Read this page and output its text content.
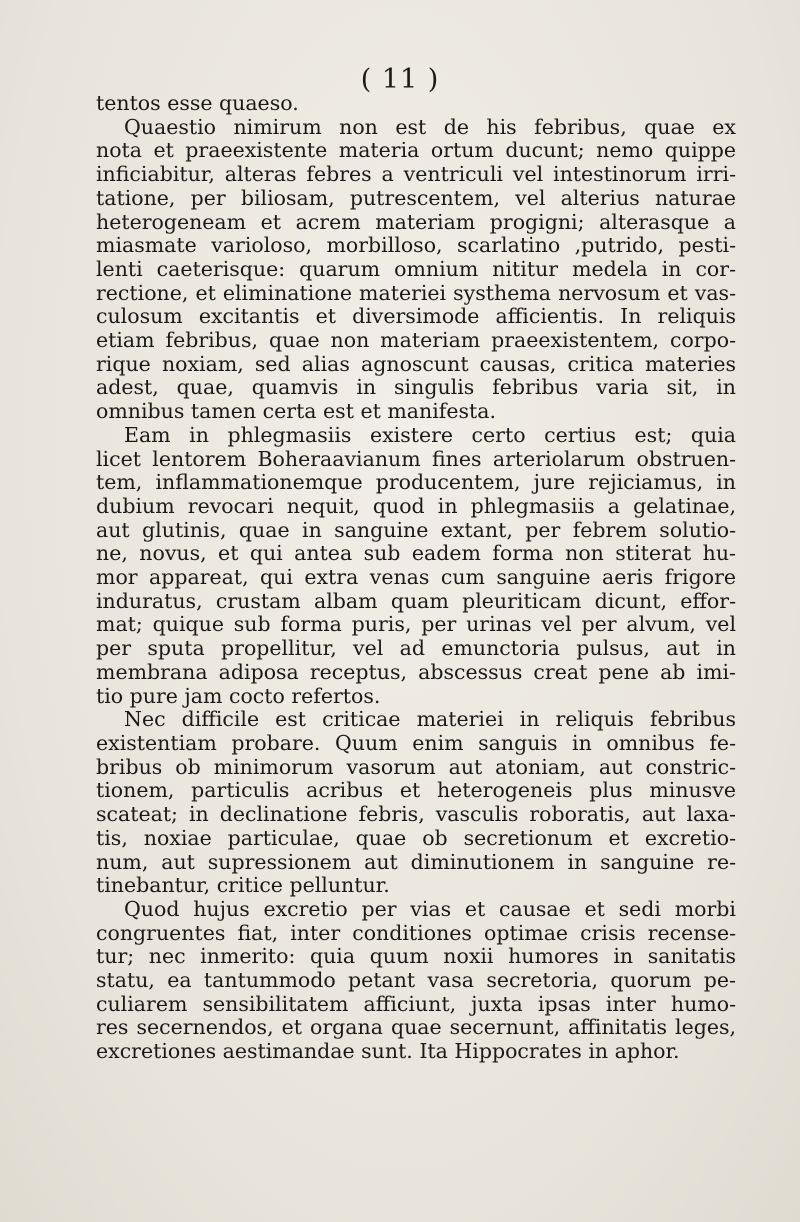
( 11 )
tentos esse quaeso.
Quaestio nimirum non est de his febribus, quae ex
nota et praeexistente materia ortum ducunt; nemo quippe
inficiabitur, alteras febres a ventriculi vel intestinorum irri-
tatione, per biliosam, putrescentem, vel alterius naturae
heterogeneam et acrem materiam progigni; alterasque a
miasmate varioloso, morbilloso, scarlatino ,putrido, pesti-
lenti caeterisque: quarum omnium nititur medela in cor-
rectione, et eliminatione materiei systhema nervosum et vas-
culosum excitantis et diversimode afficientis. In reliquis
etiam febribus, quae non materiam praeexistentem, corpo-
rique noxiam, sed alias agnoscunt causas, critica materies
adest, quae, quamvis in singulis febribus varia sit, in
omnibus tamen certa est et manifesta.
Eam in phlegmasiis existere certo certius est; quia
licet lentorem Boheraavianum fines arteriolarum obstruen-
tem, inflammationemque producentem, jure rejiciamus, in
dubium revocari nequit, quod in phlegmasiis a gelatinae,
aut glutinis, quae in sanguine extant, per febrem solutio-
ne, novus, et qui antea sub eadem forma non stiterat hu-
mor appareat, qui extra venas cum sanguine aeris frigore
induratus, crustam albam quam pleuriticam dicunt, effor-
mat; quique sub forma puris, per urinas vel per alvum, vel
per sputa propellitur, vel ad emunctoria pulsus, aut in
membrana adiposa receptus, abscessus creat pene ab imi-
tio pure jam cocto refertos.
Nec difficile est criticae materiei in reliquis febribus
existentiam probare. Quum enim sanguis in omnibus fe-
bribus ob minimorum vasorum aut atoniam, aut constric-
tionem, particulis acribus et heterogeneis plus minusve
scateat; in declinatione febris, vasculis roboratis, aut laxa-
tis, noxiae particulae, quae ob secretionum et excretio-
num, aut supressionem aut diminutionem in sanguine re-
tinebantur, critice pelluntur.
Quod hujus excretio per vias et causae et sedi morbi
congruentes fiat, inter conditiones optimae crisis recense-
tur; nec inmerito: quia quum noxii humores in sanitatis
statu, ea tantummodo petant vasa secretoria, quorum pe-
culiarem sensibilitatem afficiunt, juxta ipsas inter humo-
res secernendos, et organa quae secernunt, affinitatis leges,
excretiones aestimandae sunt. Ita Hippocrates in aphor.
